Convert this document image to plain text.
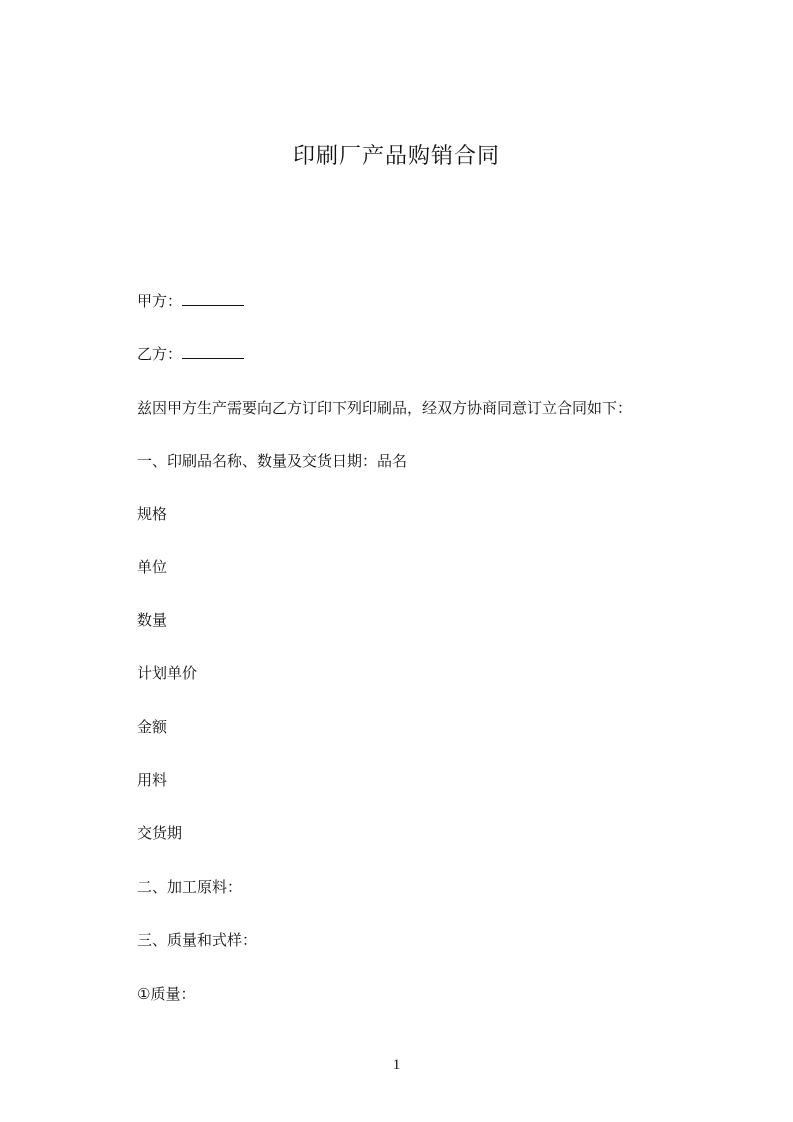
印刷厂产品购销合同
甲方：
乙方：
兹因甲方生产需要向乙方订印下列印刷品，经双方协商同意订立合同如下：
一、印刷品名称、数量及交货日期：品名
规格
单位
数量
计划单价
金额
用料
交货期
二、加工原料：
三、质量和式样：
①质量：
1
